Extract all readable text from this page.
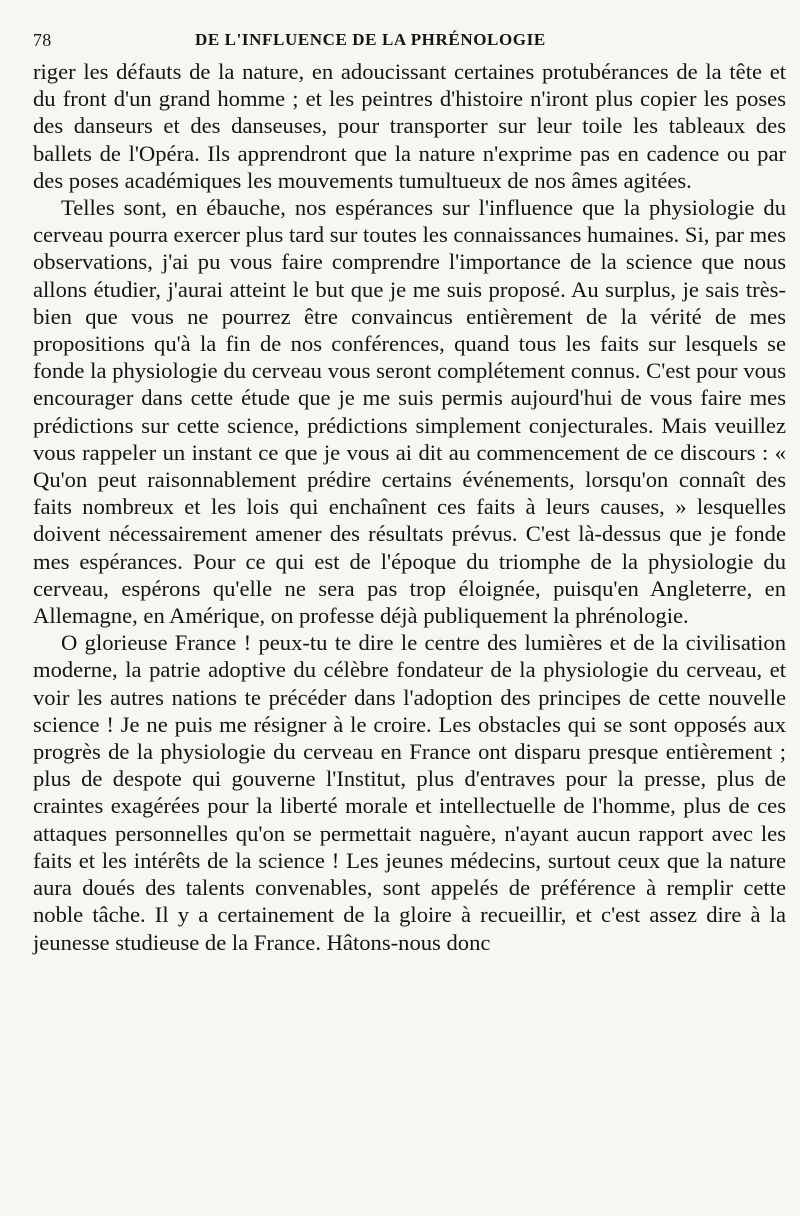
78	DE L'INFLUENCE DE LA PHRÉNOLOGIE

riger les défauts de la nature, en adoucissant certaines protubérances de la tête et du front d'un grand homme ; et les peintres d'histoire n'iront plus copier les poses des danseurs et des danseuses, pour transporter sur leur toile les tableaux des ballets de l'Opéra. Ils apprendront que la nature n'exprime pas en cadence ou par des poses académiques les mouvements tumultueux de nos âmes agitées.

Telles sont, en ébauche, nos espérances sur l'influence que la physiologie du cerveau pourra exercer plus tard sur toutes les connaissances humaines. Si, par mes observations, j'ai pu vous faire comprendre l'importance de la science que nous allons étudier, j'aurai atteint le but que je me suis proposé. Au surplus, je sais très-bien que vous ne pourrez être convaincus entièrement de la vérité de mes propositions qu'à la fin de nos conférences, quand tous les faits sur lesquels se fonde la physiologie du cerveau vous seront complétement connus. C'est pour vous encourager dans cette étude que je me suis permis aujourd'hui de vous faire mes prédictions sur cette science, prédictions simplement conjecturales. Mais veuillez vous rappeler un instant ce que je vous ai dit au commencement de ce discours : « Qu'on peut raisonnablement prédire certains événements, lorsqu'on connaît des faits nombreux et les lois qui enchaînent ces faits à leurs causes, » lesquelles doivent nécessairement amener des résultats prévus. C'est là-dessus que je fonde mes espérances. Pour ce qui est de l'époque du triomphe de la physiologie du cerveau, espérons qu'elle ne sera pas trop éloignée, puisqu'en Angleterre, en Allemagne, en Amérique, on professe déjà publiquement la phrénologie.

O glorieuse France ! peux-tu te dire le centre des lumières et de la civilisation moderne, la patrie adoptive du célèbre fondateur de la physiologie du cerveau, et voir les autres nations te précéder dans l'adoption des principes de cette nouvelle science ! Je ne puis me résigner à le croire. Les obstacles qui se sont opposés aux progrès de la physiologie du cerveau en France ont disparu presque entièrement ; plus de despote qui gouverne l'Institut, plus d'entraves pour la presse, plus de craintes exagérées pour la liberté morale et intellectuelle de l'homme, plus de ces attaques personnelles qu'on se permettait naguère, n'ayant aucun rapport avec les faits et les intérêts de la science ! Les jeunes médecins, surtout ceux que la nature aura doués des talents convenables, sont appelés de préférence à remplir cette noble tâche. Il y a certainement de la gloire à recueillir, et c'est assez dire à la jeunesse studieuse de la France. Hâtons-nous donc
